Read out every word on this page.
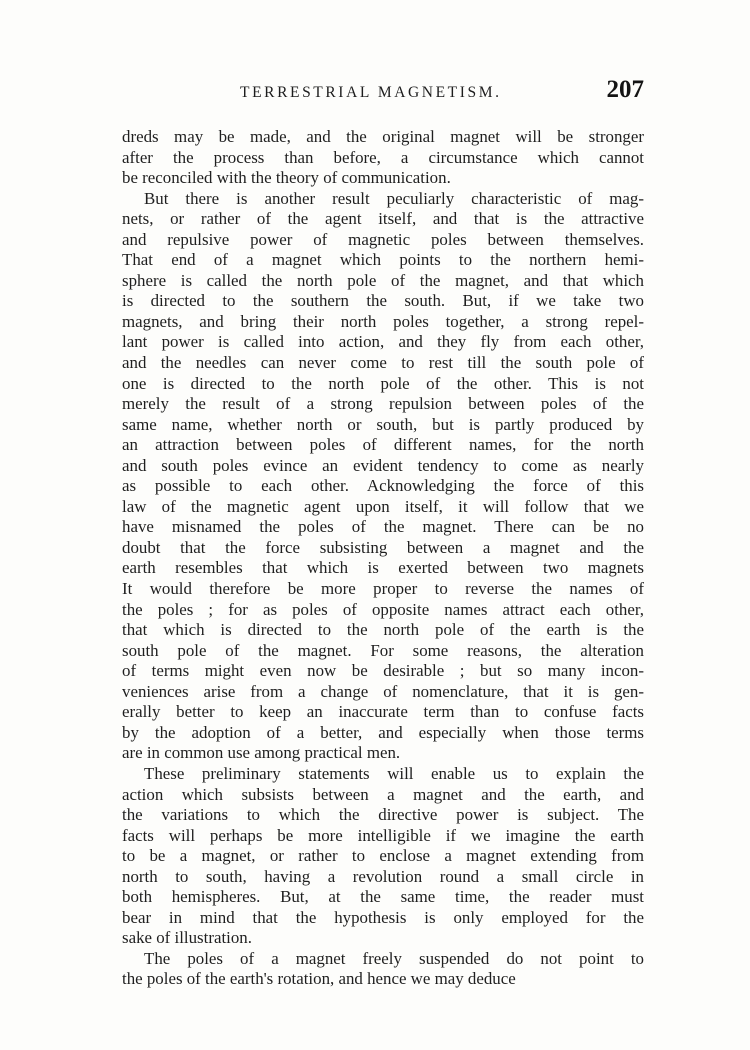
TERRESTRIAL MAGNETISM.	207
dreds may be made, and the original magnet will be stronger
after the process than before, a circumstance which cannot
be reconciled with the theory of communication.
But there is another result peculiarly characteristic of mag-
nets, or rather of the agent itself, and that is the attractive
and repulsive power of magnetic poles between themselves.
That end of a magnet which points to the northern hemi-
sphere is called the north pole of the magnet, and that which
is directed to the southern the south. But, if we take two
magnets, and bring their north poles together, a strong repel-
lant power is called into action, and they fly from each other,
and the needles can never come to rest till the south pole of
one is directed to the north pole of the other. This is not
merely the result of a strong repulsion between poles of the
same name, whether north or south, but is partly produced by
an attraction between poles of different names, for the north
and south poles evince an evident tendency to come as nearly
as possible to each other. Acknowledging the force of this
law of the magnetic agent upon itself, it will follow that we
have misnamed the poles of the magnet. There can be no
doubt that the force subsisting between a magnet and the
earth resembles that which is exerted between two magnets
It would therefore be more proper to reverse the names of
the poles ; for as poles of opposite names attract each other,
that which is directed to the north pole of the earth is the
south pole of the magnet. For some reasons, the alteration
of terms might even now be desirable ; but so many incon-
veniences arise from a change of nomenclature, that it is gen-
erally better to keep an inaccurate term than to confuse facts
by the adoption of a better, and especially when those terms
are in common use among practical men.
These preliminary statements will enable us to explain the
action which subsists between a magnet and the earth, and
the variations to which the directive power is subject. The
facts will perhaps be more intelligible if we imagine the earth
to be a magnet, or rather to enclose a magnet extending from
north to south, having a revolution round a small circle in
both hemispheres. But, at the same time, the reader must
bear in mind that the hypothesis is only employed for the
sake of illustration.
The poles of a magnet freely suspended do not point to
the poles of the earth's rotation, and hence we may deduce
